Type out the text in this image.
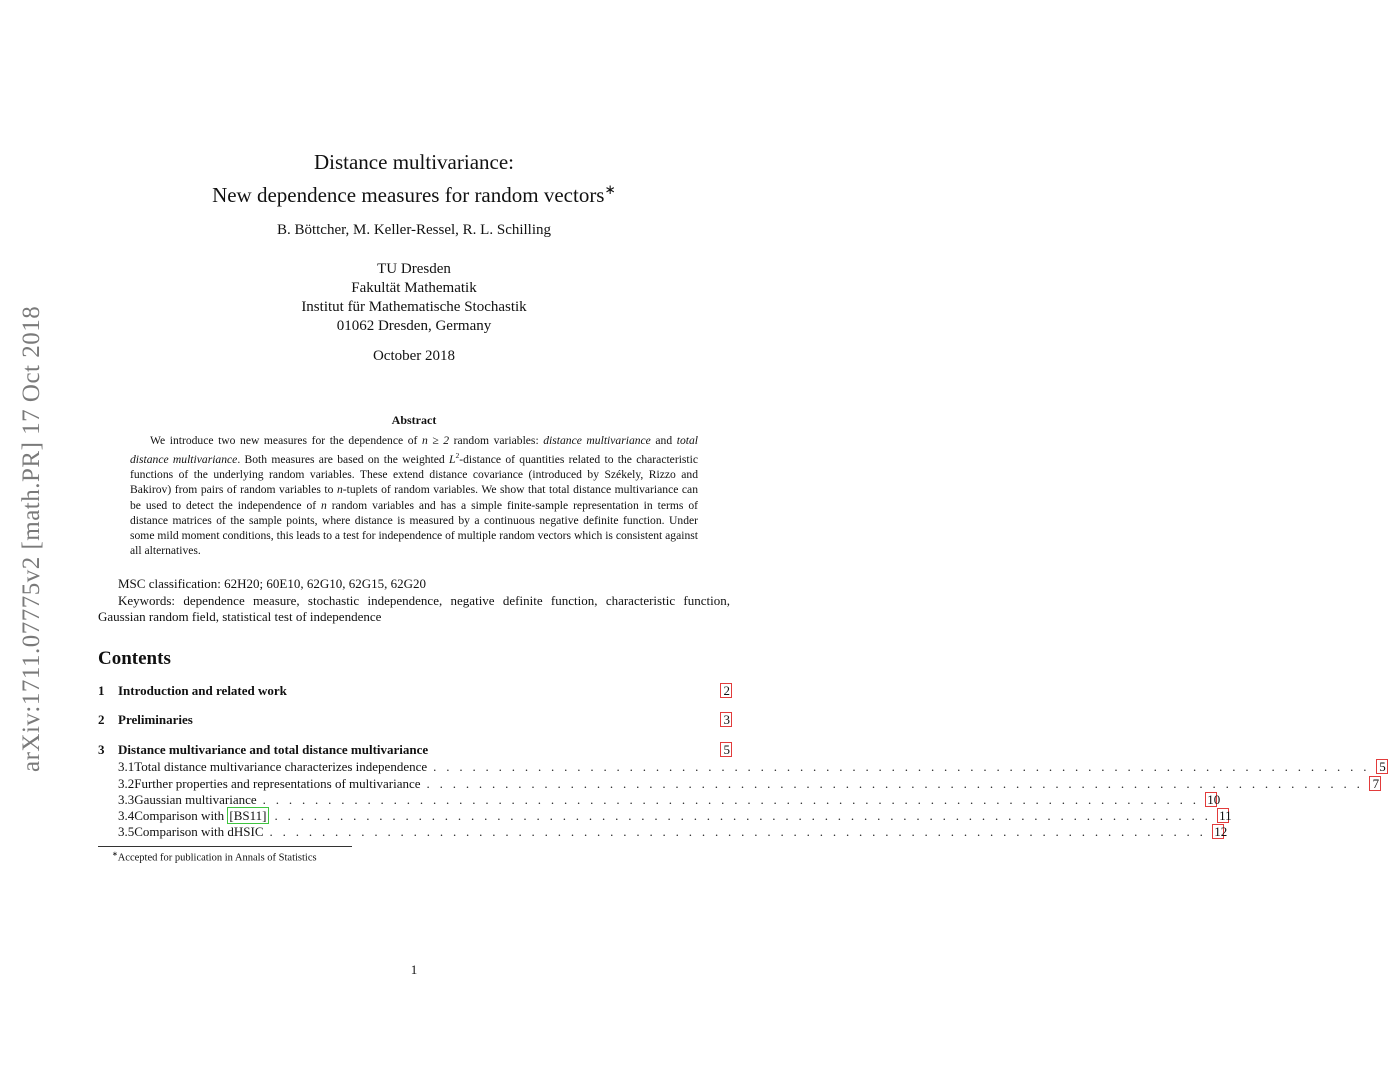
arXiv:1711.07775v2 [math.PR] 17 Oct 2018
Distance multivariance:
New dependence measures for random vectors∗
B. Böttcher, M. Keller-Ressel, R. L. Schilling
TU Dresden
Fakultät Mathematik
Institut für Mathematische Stochastik
01062 Dresden, Germany
October 2018
Abstract
We introduce two new measures for the dependence of n ≥ 2 random variables: distance multivariance and total distance multivariance. Both measures are based on the weighted $L^2$-distance of quantities related to the characteristic functions of the underlying random variables. These extend distance covariance (introduced by Székely, Rizzo and Bakirov) from pairs of random variables to n-tuplets of random variables. We show that total distance multivariance can be used to detect the independence of n random variables and has a simple finite-sample representation in terms of distance matrices of the sample points, where distance is measured by a continuous negative definite function. Under some mild moment conditions, this leads to a test for independence of multiple random vectors which is consistent against all alternatives.
MSC classification: 62H20; 60E10, 62G10, 62G15, 62G20
Keywords: dependence measure, stochastic independence, negative definite function, characteristic function, Gaussian random field, statistical test of independence
Contents
1	Introduction and related work	2
2	Preliminaries	3
3	Distance multivariance and total distance multivariance	5
3.1 Total distance multivariance characterizes independence . . . . . . . . . . . . . . . . . . . . . . . . . . . . . . . . . . . . . . . . . . . . . . . . . . . . . . . . . . . . . . . . . . . . . . . . 5
3.2 Further properties and representations of multivariance . . . . . . . . . . . . . . . . . . . . . . . . . . . . . . . . . . . . . . . . . . . . . . . . . . . . . . . . . . . . . . . . . . . . . . . . 7
3.3 Gaussian multivariance . . . . . . . . . . . . . . . . . . . . . . . . . . . . . . . . . . . . . . . . . . . . . . . . . . . . . . . . . . . . . . . . . . . . . . . . 10
3.4 Comparison with [BS11] . . . . . . . . . . . . . . . . . . . . . . . . . . . . . . . . . . . . . . . . . . . . . . . . . . . . . . . . . . . . . . . . . . . . . . . . 11
3.5 Comparison with dHSIC . . . . . . . . . . . . . . . . . . . . . . . . . . . . . . . . . . . . . . . . . . . . . . . . . . . . . . . . . . . . . . . . . . . . . . . . 12
∗Accepted for publication in Annals of Statistics
1
